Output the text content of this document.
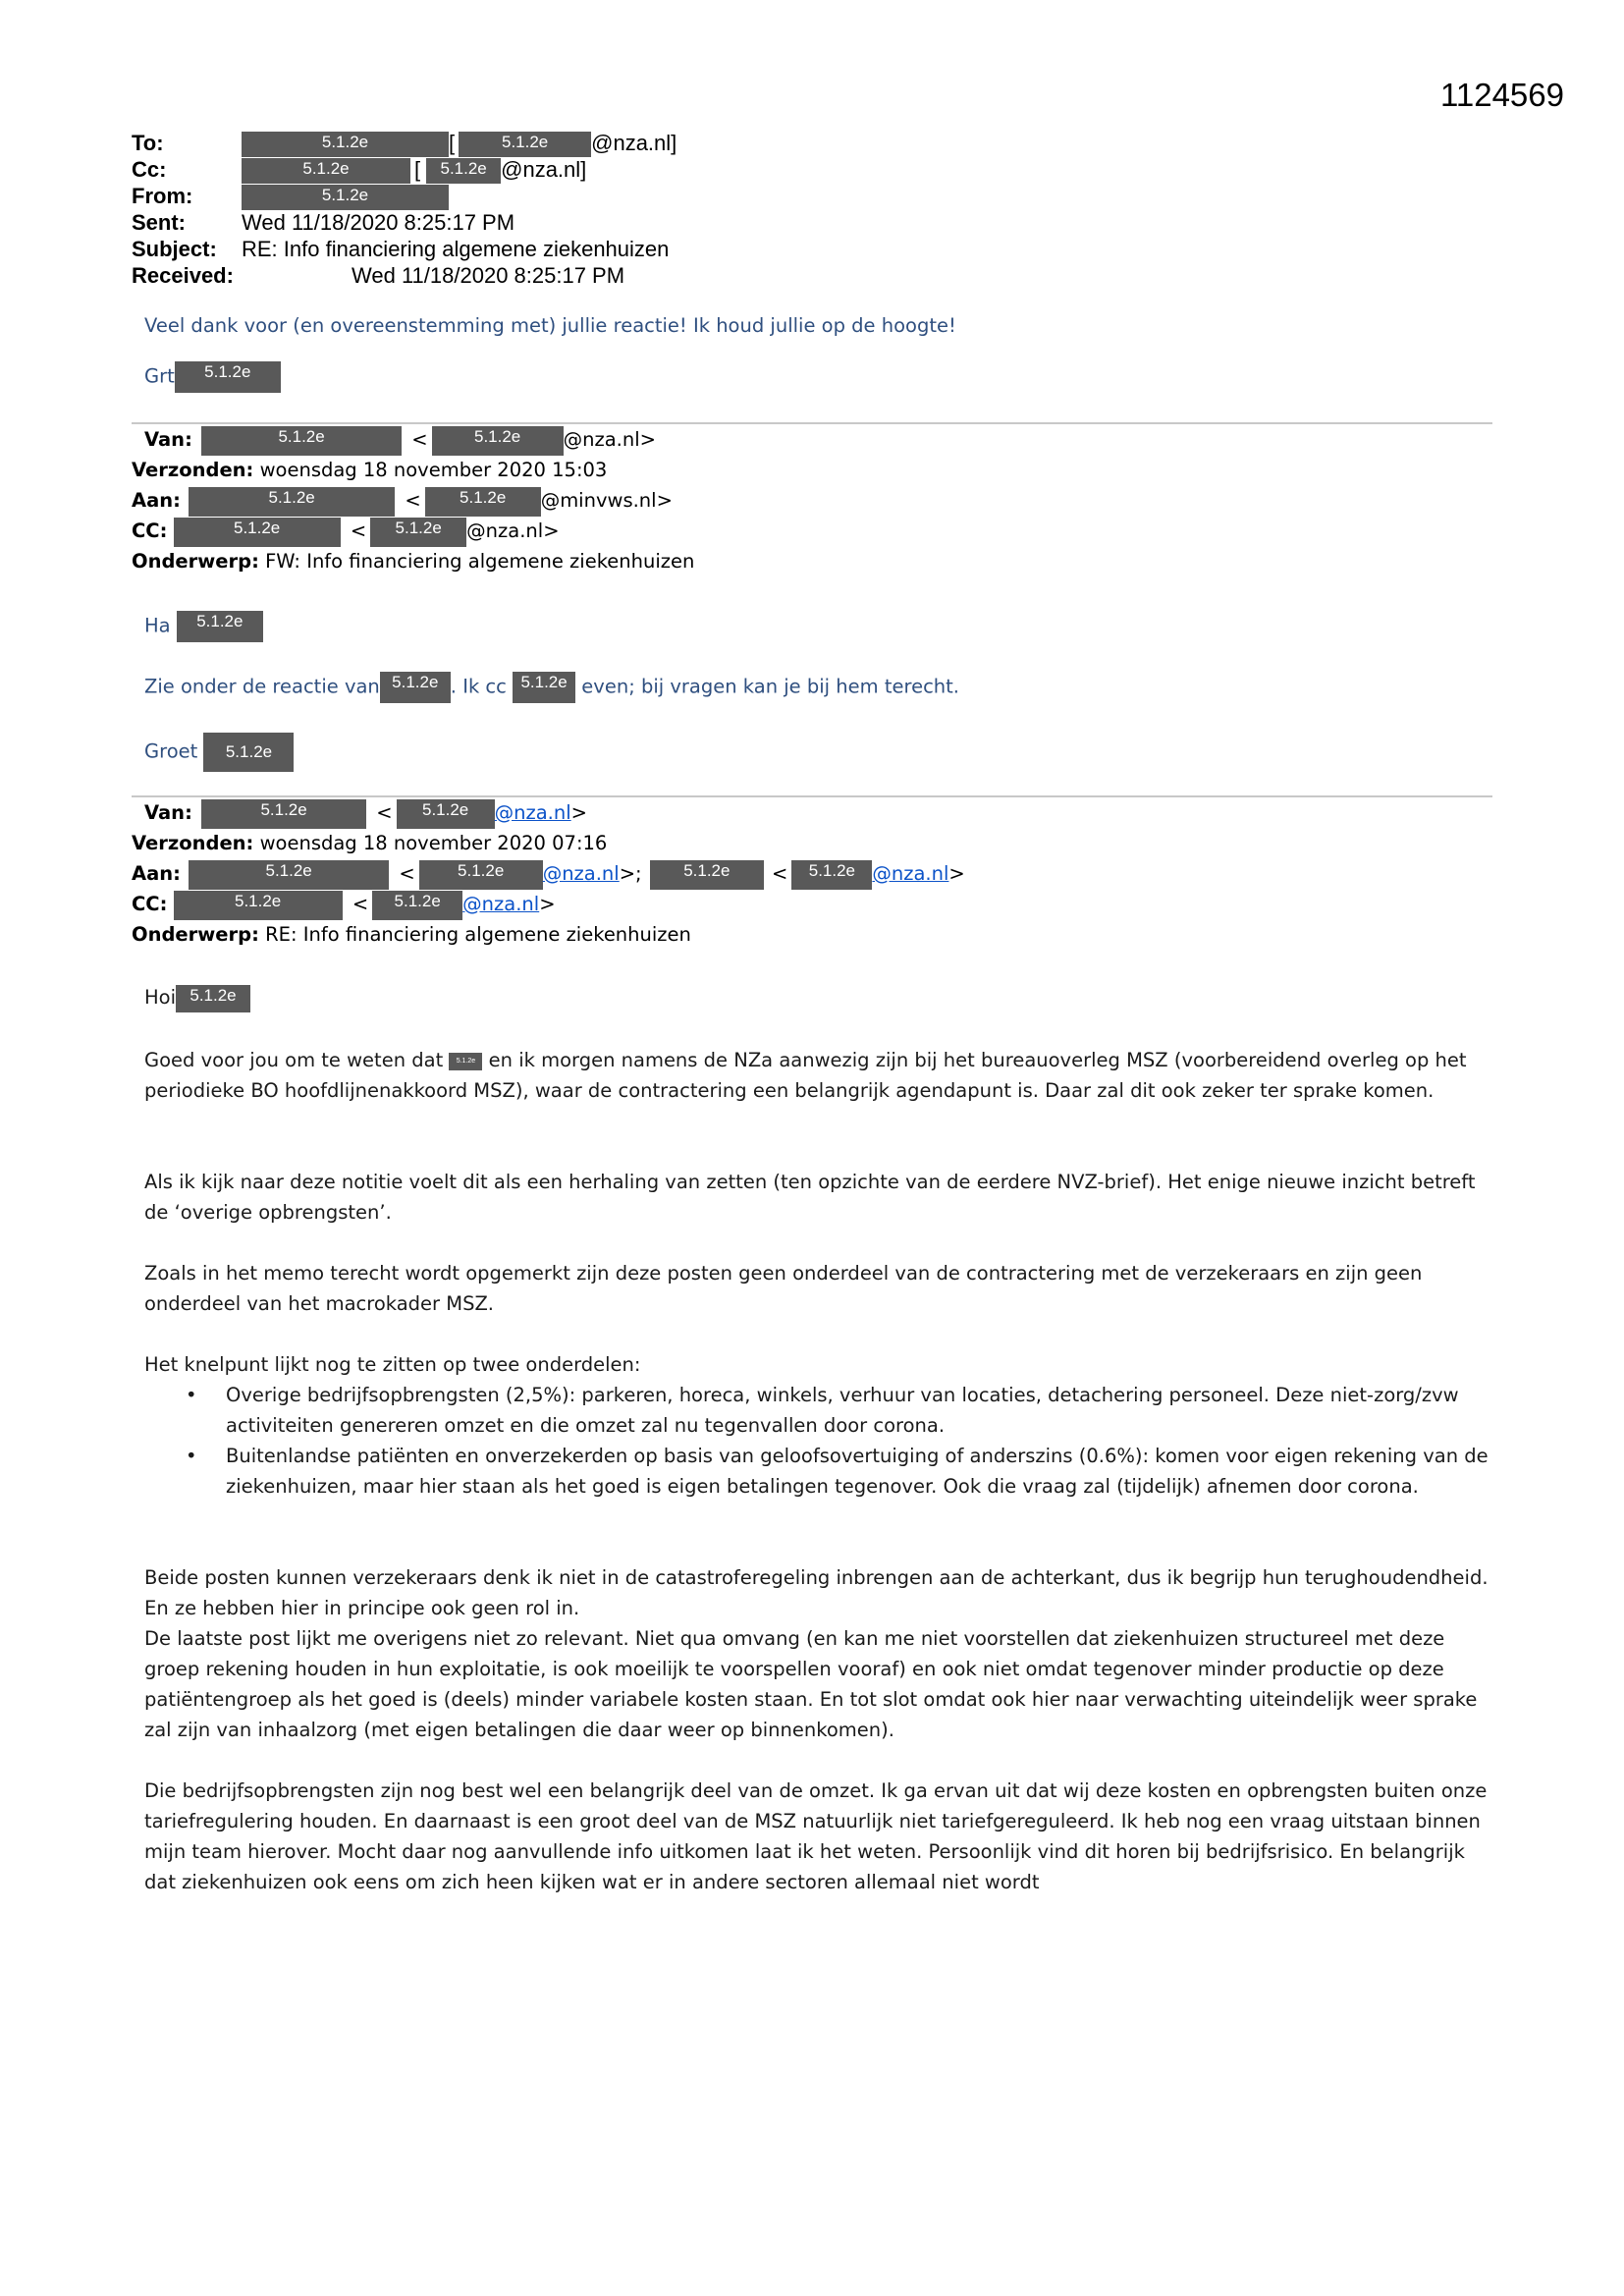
1124569
To:	5.1.2e	[	5.1.2e @nza.nl]
Cc:	5.1.2e	[ 5.1.2e @nza.nl]
From:	5.1.2e
Sent:	Wed 11/18/2020 8:25:17 PM
Subject: RE: Info financiering algemene ziekenhuizen
Received:	Wed 11/18/2020 8:25:17 PM
Veel dank voor (en overeenstemming met) jullie reactie! Ik houd jullie op de hoogte!
Grt 5.1.2e
Van:	5.1.2e	<	5.1.2e @nza.nl>
Verzonden: woensdag 18 november 2020 15:03
Aan:	5.1.2e	< 5.1.2e @minvws.nl>
CC:	5.1.2e	< 5.1.2e @nza.nl>
Onderwerp: FW: Info financiering algemene ziekenhuizen
Ha 5.1.2e
Zie onder de reactie van 5.1.2e . Ik cc 5.1.2e even; bij vragen kan je bij hem terecht.
Groet 5.1.2e
Van:	5.1.2e	< 5.1.2e @nza.nl>
Verzonden: woensdag 18 november 2020 07:16
Aan:	5.1.2e	<	5.1.2e @nza.nl>;	5.1.2e < 5.1.2e @nza.nl>
CC:	5.1.2e	< 5.1.2e @nza.nl>
Onderwerp: RE: Info financiering algemene ziekenhuizen
Hoi 5.1.2e

Goed voor jou om te weten dat 5.1.2e en ik morgen namens de NZa aanwezig zijn bij het bureauoverleg MSZ (voorbereidend overleg op het periodieke BO hoofdlijnenakkoord MSZ), waar de contractering een belangrijk agendapunt is. Daar zal dit ook zeker ter sprake komen.

Als ik kijk naar deze notitie voelt dit als een herhaling van zetten (ten opzichte van de eerdere NVZ-brief). Het enige nieuwe inzicht betreft de ‘overige opbrengsten’.

Zoals in het memo terecht wordt opgemerkt zijn deze posten geen onderdeel van de contractering met de verzekeraars en zijn geen onderdeel van het macrokader MSZ.

Het knelpunt lijkt nog te zitten op twee onderdelen:

• Overige bedrijfsopbrengsten (2,5%): parkeren, horeca, winkels, verhuur van locaties, detachering personeel. Deze niet-zorg/zvw activiteiten genereren omzet en die omzet zal nu tegenvallen door corona.
• Buitenlandse patiënten en onverzekerden op basis van geloofsovertuiging of anderszins (0.6%): komen voor eigen rekening van de ziekenhuizen, maar hier staan als het goed is eigen betalingen tegenover. Ook die vraag zal (tijdelijk) afnemen door corona.

Beide posten kunnen verzekeraars denk ik niet in de catastroferegeling inbrengen aan de achterkant, dus ik begrijp hun terughoudendheid. En ze hebben hier in principe ook geen rol in.

De laatste post lijkt me overigens niet zo relevant. Niet qua omvang (en kan me niet voorstellen dat ziekenhuizen structureel met deze groep rekening houden in hun exploitatie, is ook moeilijk te voorspellen vooraf) en ook niet omdat tegenover minder productie op deze patiëntengroep als het goed is (deels) minder variabele kosten staan. En tot slot omdat ook hier naar verwachting uiteindelijk weer sprake zal zijn van inhaalzorg (met eigen betalingen die daar weer op binnenkomen).

Die bedrijfsopbrengsten zijn nog best wel een belangrijk deel van de omzet. Ik ga ervan uit dat wij deze kosten en opbrengsten buiten onze tariefregulering houden. En daarnaast is een groot deel van de MSZ natuurlijk niet tariefgereguleerd. Ik heb nog een vraag uitstaan binnen mijn team hierover. Mocht daar nog aanvullende info uitkomen laat ik het weten. Persoonlijk vind dit horen bij bedrijfsrisico. En belangrijk dat ziekenhuizen ook eens om zich heen kijken wat er in andere sectoren allemaal niet wordt
